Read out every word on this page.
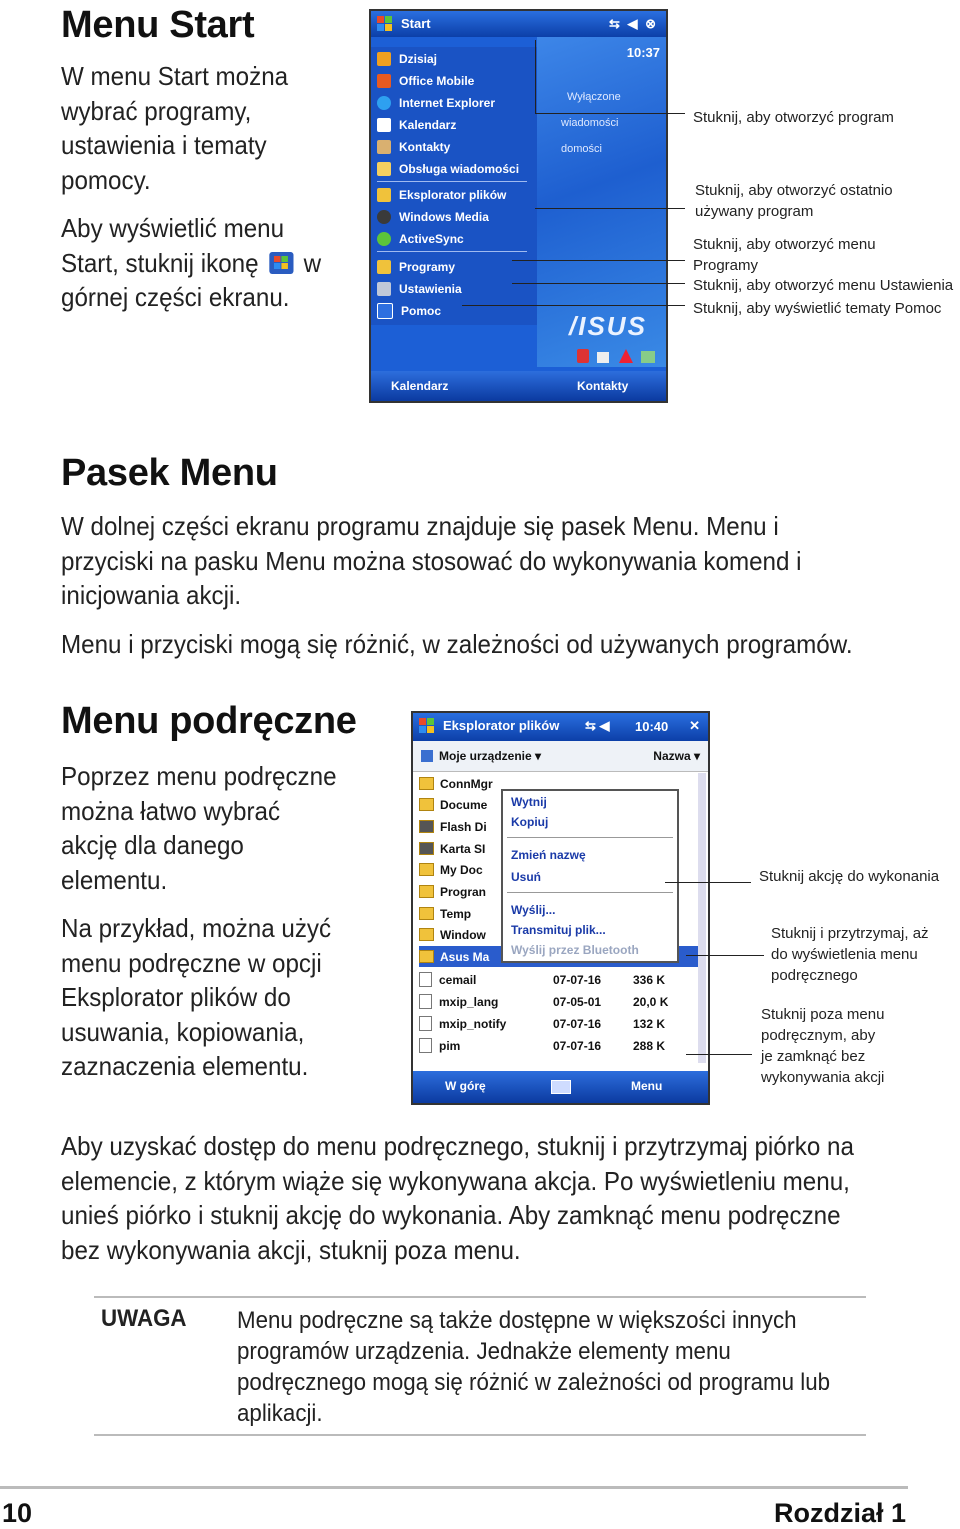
Menu Start
W menu Start można
wybrać programy,
ustawienia i tematy
pomocy.
Aby wyświetlić menu
Start, stuknij ikonę w
górnej części ekranu.
Start	⇆ ◀ ⊗
10:37
Wyłączone
wiadomości
domości
/ISUS
Dzisiaj
Office Mobile
Internet Explorer
Kalendarz
Kontakty
Obsługa wiadomości
Eksplorator plików
Windows Media
ActiveSync
Programy
Ustawienia
Pomoc
Kalendarz	Kontakty
Stuknij, aby otworzyć program
Stuknij, aby otworzyć ostatnio
używany program
Stuknij, aby otworzyć menu
Programy
Stuknij, aby otworzyć menu Ustawienia
Stuknij, aby wyświetlić tematy Pomoc
Pasek Menu
W dolnej części ekranu programu znajduje się pasek Menu. Menu i
przyciski na pasku Menu można stosować do wykonywania komend i
inicjowania akcji.
Menu i przyciski mogą się różnić, w zależności od używanych programów.
Menu podręczne
Poprzez menu podręczne
można łatwo wybrać
akcję dla danego
elementu.
Na przykład, można użyć
menu podręczne w opcji
Eksplorator plików do
usuwania, kopiowania,
zaznaczenia elementu.
Eksplorator plików ⇆ ◀ 10:40 ✕
Moje urządzenie ▾	Nazwa ▾
ConnMgr
Docume
Flash Di
Karta SI
My Doc
Progran
Temp
Window
Asus Ma
cemail	07-07-16	336 K
mxip_lang	07-05-01	20,0 K
mxip_notify	07-07-16	132 K
pim	07-07-16	288 K
Wytnij
Kopiuj
Zmień nazwę
Usuń
Wyślij...
Transmituj plik...
Wyślij przez Bluetooth
W górę	Menu
Stuknij akcję do wykonania
Stuknij i przytrzymaj, aż
do wyświetlenia menu
podręcznego
Stuknij poza menu
podręcznym, aby
je zamknąć bez
wykonywania akcji
Aby uzyskać dostęp do menu podręcznego, stuknij i przytrzymaj piórko na
elemencie, z którym wiąże się wykonywana akcja. Po wyświetleniu menu,
unieś piórko i stuknij akcję do wykonania. Aby zamknąć menu podręczne
bez wykonywania akcji, stuknij poza menu.
UWAGA Menu podręczne są także dostępne w większości innych
programów urządzenia. Jednakże elementy menu
podręcznego mogą się różnić w zależności od programu lub
aplikacji.
10	Rozdział 1
